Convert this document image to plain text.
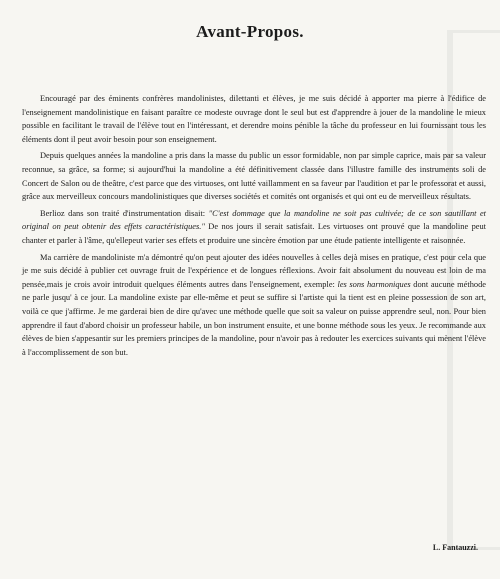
Avant-Propos.

Encouragé par des éminents confrères mandolinistes, dilettanti et élèves, je me suis décidé à apporter ma pierre à l'édifice de l'enseignement mandolinistique en faisant paraître ce modeste ouvrage dont le seul but est d'apprendre à jouer de la mandoline le mieux possible en facilitant le travail de l'élève tout en l'intéressant, et derendre moins pénible la tâche du professeur en lui fournissant tous les éléments dont il peut avoir besoin pour son enseignement.

Depuis quelques années la mandoline a pris dans la masse du public un essor formidable, non par simple caprice, mais par sa valeur reconnue, sa grâce, sa forme; si aujourd'hui la mandoline a été définitivement classée dans l'illustre famille des instruments soli de Concert de Salon ou de theâtre, c'est parce que des virtuoses, ont lutté vaillamment en sa faveur par l'audition et par le professorat et aussi, grâce aux merveilleux concours mandolinistiques que diverses sociétés et comités ont organisés et qui ont eu de merveilleux résultats.

Berlioz dans son traité d'instrumentation disait: "C'est dommage que la mandoline ne soit pas cultivée; de ce son sautillant et original on peut obtenir des effets caractéristiques." De nos jours il serait satisfait. Les virtuoses ont prouvé que la mandoline peut chanter et parler à l'âme, qu'ellepeut varier ses effets et produire une sincère émotion par une étude patiente intelligente et raisonnée.

Ma carrière de mandoliniste m'a démontré qu'on peut ajouter des idées nouvelles à celles dejà mises en pratique, c'est pour cela que je me suis décidé à publier cet ouvrage fruit de l'expérience et de longues réflexions. Avoir fait absolument du nouveau est loin de ma pensée,mais je crois avoir introduit quelques éléments autres dans l'enseignement, exemple: les sons harmoniques dont aucune méthode ne parle jusqu' à ce jour. La mandoline existe par elle-même et peut se suffire si l'artiste qui la tient est en pleine possession de son art, voilà ce que j'affirme. Je me garderai bien de dire qu'avec une méthode quelle que soit sa valeur on puisse apprendre seul, non. Pour bien apprendre il faut d'abord choisir un professeur habile, un bon instrument ensuite, et une bonne méthode sous les yeux. Je recommande aux élèves de bien s'appesantir sur les premiers principes de la mandoline, pour n'avoir pas à redouter les exercices suivants qui mènent l'élève à l'accomplissement de son but.

L. Fantauzzi.
